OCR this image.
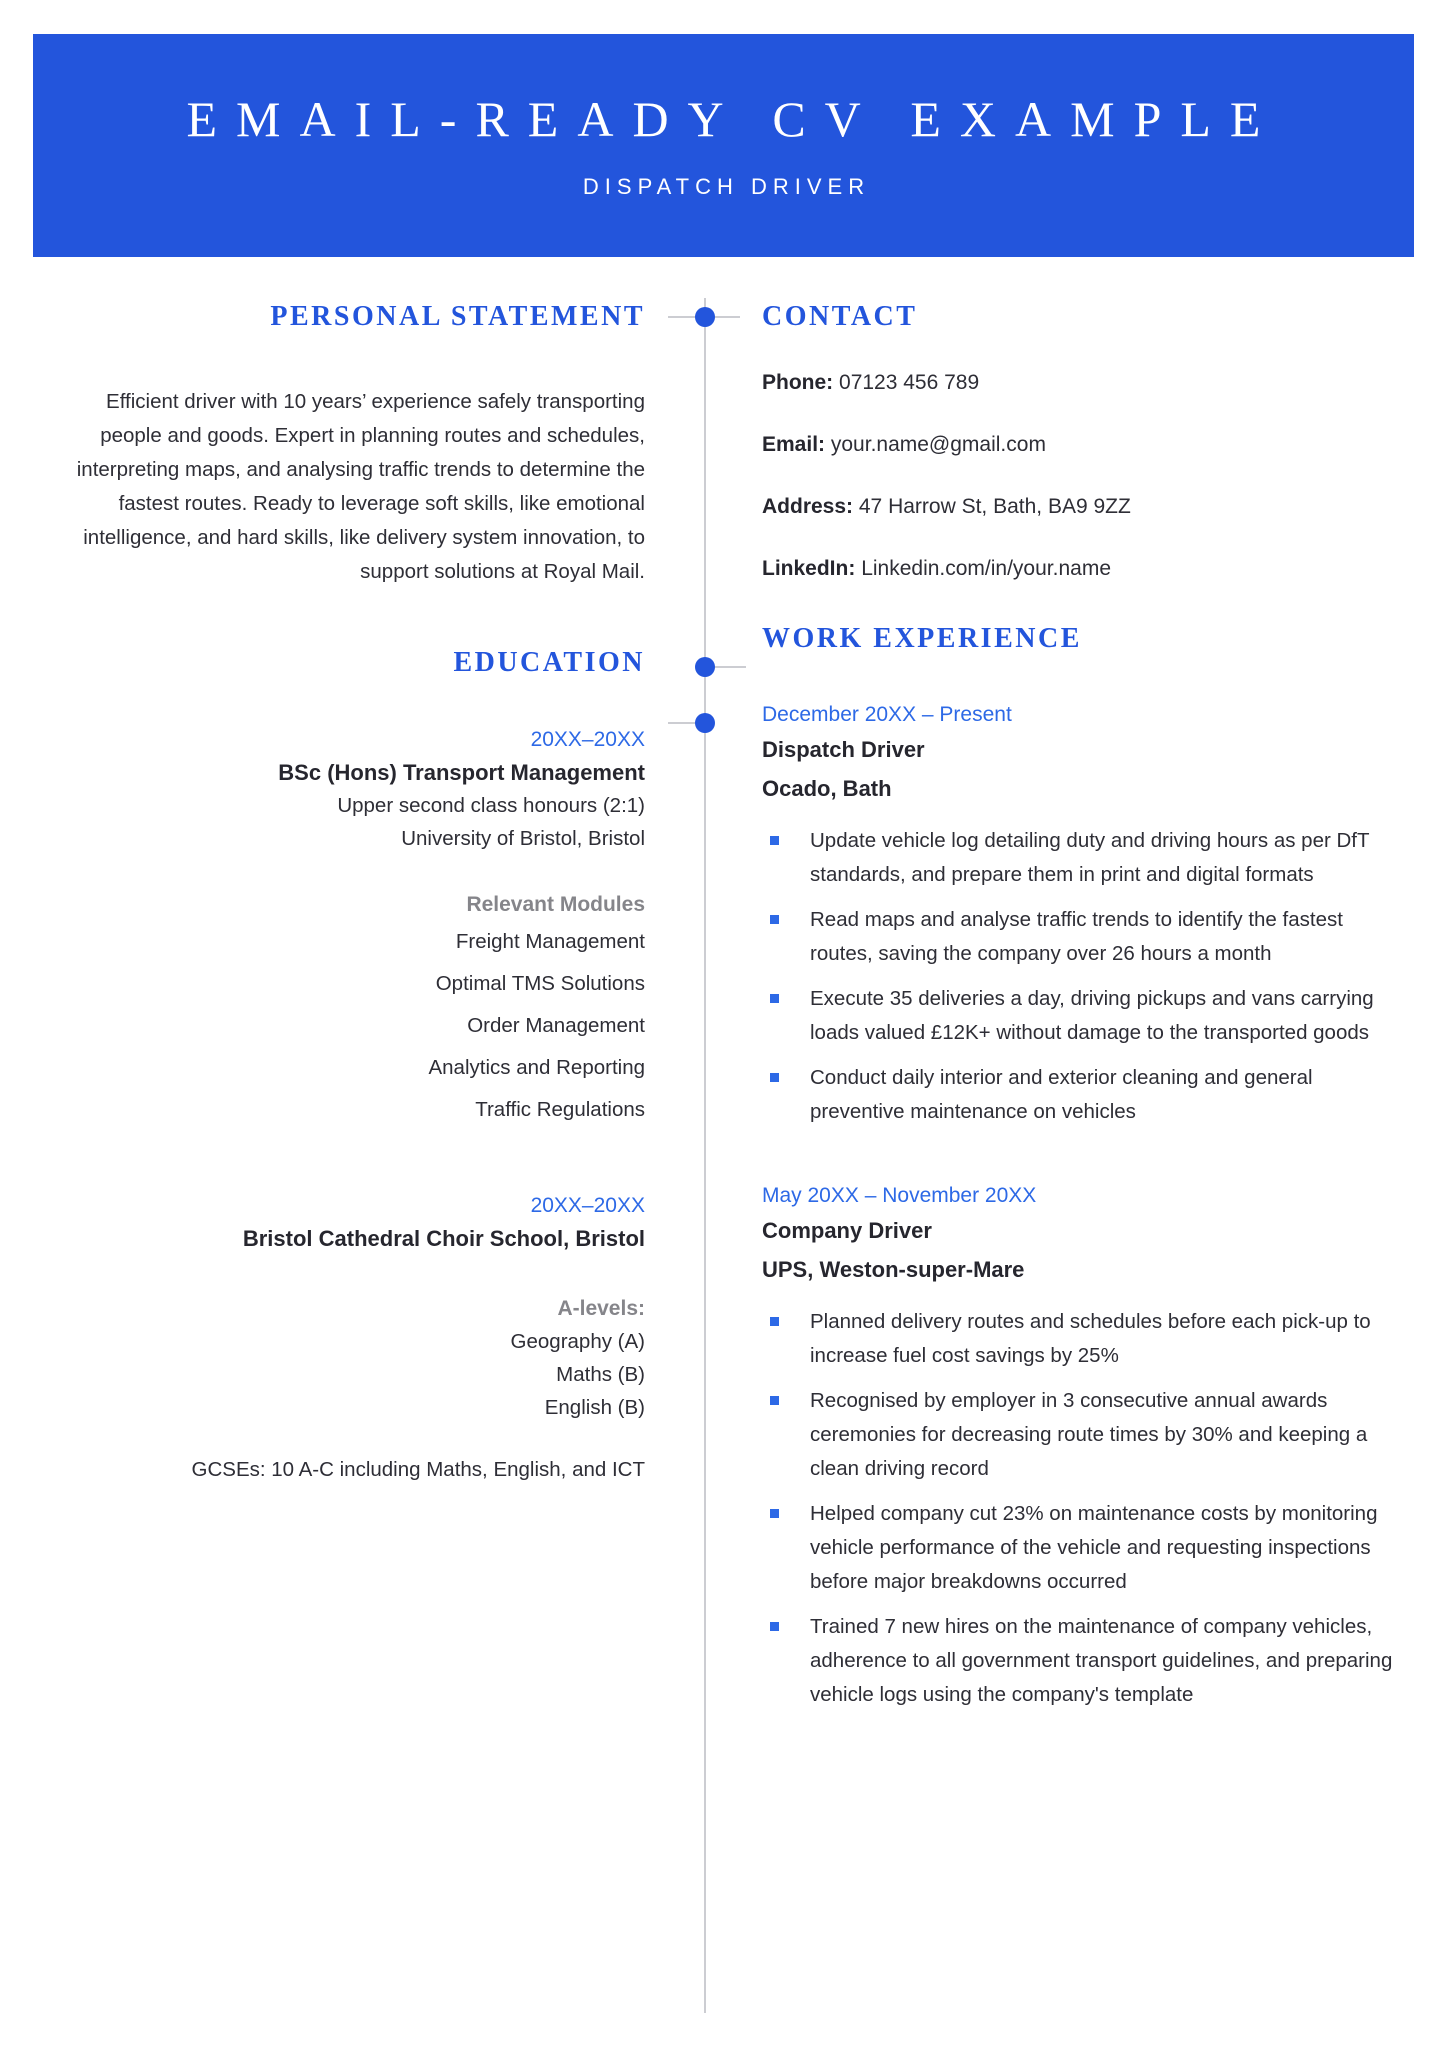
EMAIL-READY CV EXAMPLE
DISPATCH DRIVER
PERSONAL STATEMENT

Efficient driver with 10 years’ experience safely transporting people and goods. Expert in planning routes and schedules, interpreting maps, and analysing traffic trends to determine the fastest routes. Ready to leverage soft skills, like emotional intelligence, and hard skills, like delivery system innovation, to support solutions at Royal Mail.

EDUCATION
20XX–20XX
BSc (Hons) Transport Management
Upper second class honours (2:1)
University of Bristol, Bristol
Relevant Modules
Freight Management
Optimal TMS Solutions
Order Management
Analytics and Reporting
Traffic Regulations
20XX–20XX
Bristol Cathedral Choir School, Bristol
A-levels:
Geography (A)
Maths (B)
English (B)
GCSEs: 10 A-C including Maths, English, and ICT
CONTACT
Phone: 07123 456 789
Email: your.name@gmail.com
Address: 47 Harrow St, Bath, BA9 9ZZ
LinkedIn: Linkedin.com/in/your.name
WORK EXPERIENCE
December 20XX – Present
Dispatch Driver
Ocado, Bath
Update vehicle log detailing duty and driving hours as per DfT standards, and prepare them in print and digital formats
Read maps and analyse traffic trends to identify the fastest routes, saving the company over 26 hours a month
Execute 35 deliveries a day, driving pickups and vans carrying loads valued £12K+ without damage to the transported goods
Conduct daily interior and exterior cleaning and general preventive maintenance on vehicles
May 20XX – November 20XX
Company Driver
UPS, Weston-super-Mare
Planned delivery routes and schedules before each pick-up to increase fuel cost savings by 25%
Recognised by employer in 3 consecutive annual awards ceremonies for decreasing route times by 30% and keeping a clean driving record
Helped company cut 23% on maintenance costs by monitoring vehicle performance of the vehicle and requesting inspections before major breakdowns occurred
Trained 7 new hires on the maintenance of company vehicles, adherence to all government transport guidelines, and preparing vehicle logs using the company's template
